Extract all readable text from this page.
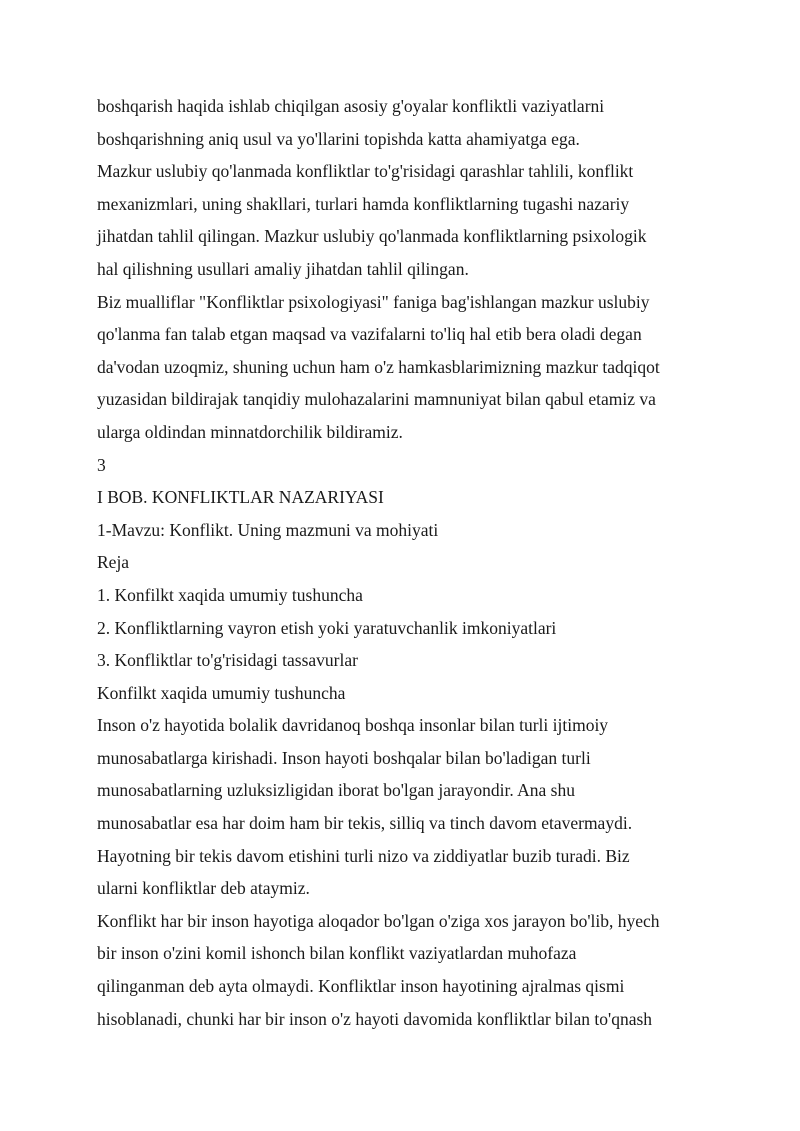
boshqarish haqida ishlab chiqilgan asosiy g'oyalar konfliktli vaziyatlarni
boshqarishning aniq usul va yo'llarini topishda katta ahamiyatga ega.
Mazkur uslubiy qo'lanmada konfliktlar to'g'risidagi qarashlar tahlili, konflikt
mexanizmlari, uning shakllari, turlari hamda konfliktlarning tugashi nazariy
jihatdan tahlil qilingan. Mazkur uslubiy qo'lanmada konfliktlarning psixologik
hal qilishning usullari amaliy jihatdan tahlil qilingan.
Biz mualliflar "Konfliktlar psixologiyasi" faniga bag'ishlangan mazkur uslubiy
qo'lanma fan talab etgan maqsad va vazifalarni to'liq hal etib bera oladi degan
da'vodan uzoqmiz, shuning uchun ham o'z hamkasblarimizning mazkur tadqiqot
yuzasidan bildirajak tanqidiy mulohazalarini mamnuniyat bilan qabul etamiz va
ularga oldindan minnatdorchilik bildiramiz.
3
I BOB. KONFLIKTLAR NAZARIYASI
1-Mavzu: Konflikt. Uning mazmuni va mohiyati
Reja
1. Konfilkt xaqida umumiy tushuncha
2. Konfliktlarning vayron etish yoki yaratuvchanlik imkoniyatlari
3. Konfliktlar to'g'risidagi tassavurlar
Konfilkt xaqida umumiy tushuncha
Inson o'z hayotida bolalik davridanoq boshqa insonlar bilan turli ijtimoiy
munosabatlarga kirishadi. Inson hayoti boshqalar bilan bo'ladigan turli
munosabatlarning uzluksizligidan iborat bo'lgan jarayondir. Ana shu
munosabatlar esa har doim ham bir tekis, silliq va tinch davom etavermaydi.
Hayotning bir tekis davom etishini turli nizo va ziddiyatlar buzib turadi. Biz
ularni konfliktlar deb ataymiz.
Konflikt har bir inson hayotiga aloqador bo'lgan o'ziga xos jarayon bo'lib, hyech
bir inson o'zini komil ishonch bilan konflikt vaziyatlardan muhofaza
qilinganman deb ayta olmaydi. Konfliktlar inson hayotining ajralmas qismi
hisoblanadi, chunki har bir inson o'z hayoti davomida konfliktlar bilan to'qnash
